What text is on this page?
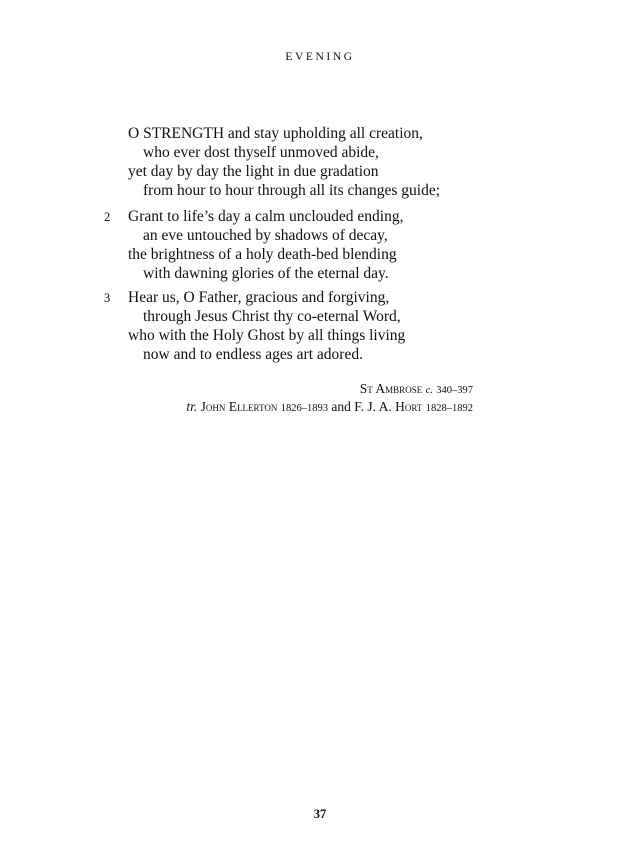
EVENING
O STRENGTH and stay upholding all creation,
who ever dost thyself unmoved abide,
yet day by day the light in due gradation
from hour to hour through all its changes guide;
2 Grant to life’s day a calm unclouded ending,
an eve untouched by shadows of decay,
the brightness of a holy death-bed blending
with dawning glories of the eternal day.
3 Hear us, O Father, gracious and forgiving,
through Jesus Christ thy co-eternal Word,
who with the Holy Ghost by all things living
now and to endless ages art adored.
St Ambrose c. 340–397
tr. John Ellerton 1826–1893 and F. J. A. Hort 1828–1892
37
